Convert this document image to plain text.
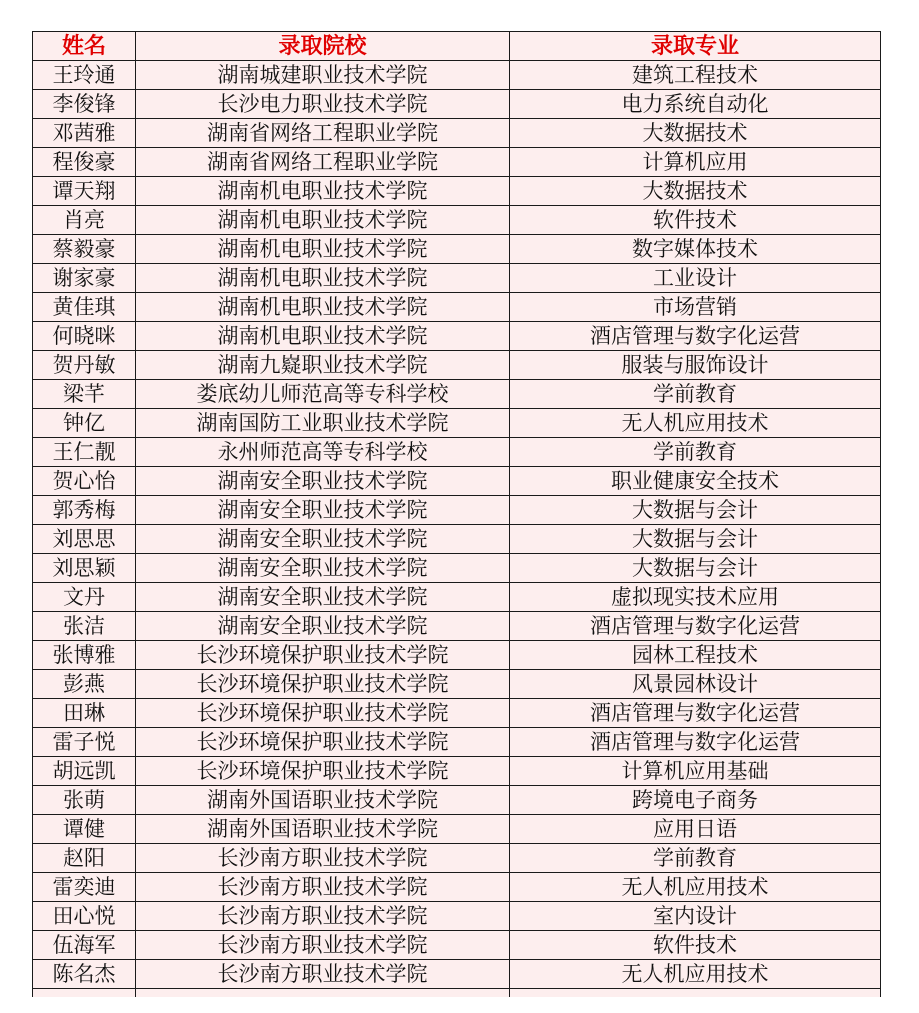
姓名	录取院校	录取专业
王玲通	湖南城建职业技术学院	建筑工程技术
李俊锋	长沙电力职业技术学院	电力系统自动化
邓茜雅	湖南省网络工程职业学院	大数据技术
程俊豪	湖南省网络工程职业学院	计算机应用
谭天翔	湖南机电职业技术学院	大数据技术
肖亮	湖南机电职业技术学院	软件技术
蔡毅豪	湖南机电职业技术学院	数字媒体技术
谢家豪	湖南机电职业技术学院	工业设计
黄佳琪	湖南机电职业技术学院	市场营销
何晓咪	湖南机电职业技术学院	酒店管理与数字化运营
贺丹敏	湖南九嶷职业技术学院	服装与服饰设计
梁芊	娄底幼儿师范高等专科学校	学前教育
钟亿	湖南国防工业职业技术学院	无人机应用技术
王仁靓	永州师范高等专科学校	学前教育
贺心怡	湖南安全职业技术学院	职业健康安全技术
郭秀梅	湖南安全职业技术学院	大数据与会计
刘思思	湖南安全职业技术学院	大数据与会计
刘思颖	湖南安全职业技术学院	大数据与会计
文丹	湖南安全职业技术学院	虚拟现实技术应用
张洁	湖南安全职业技术学院	酒店管理与数字化运营
张博雅	长沙环境保护职业技术学院	园林工程技术
彭燕	长沙环境保护职业技术学院	风景园林设计
田琳	长沙环境保护职业技术学院	酒店管理与数字化运营
雷子悦	长沙环境保护职业技术学院	酒店管理与数字化运营
胡远凯	长沙环境保护职业技术学院	计算机应用基础
张萌	湖南外国语职业技术学院	跨境电子商务
谭健	湖南外国语职业技术学院	应用日语
赵阳	长沙南方职业技术学院	学前教育
雷奕迪	长沙南方职业技术学院	无人机应用技术
田心悦	长沙南方职业技术学院	室内设计
伍海军	长沙南方职业技术学院	软件技术
陈名杰	长沙南方职业技术学院	无人机应用技术
